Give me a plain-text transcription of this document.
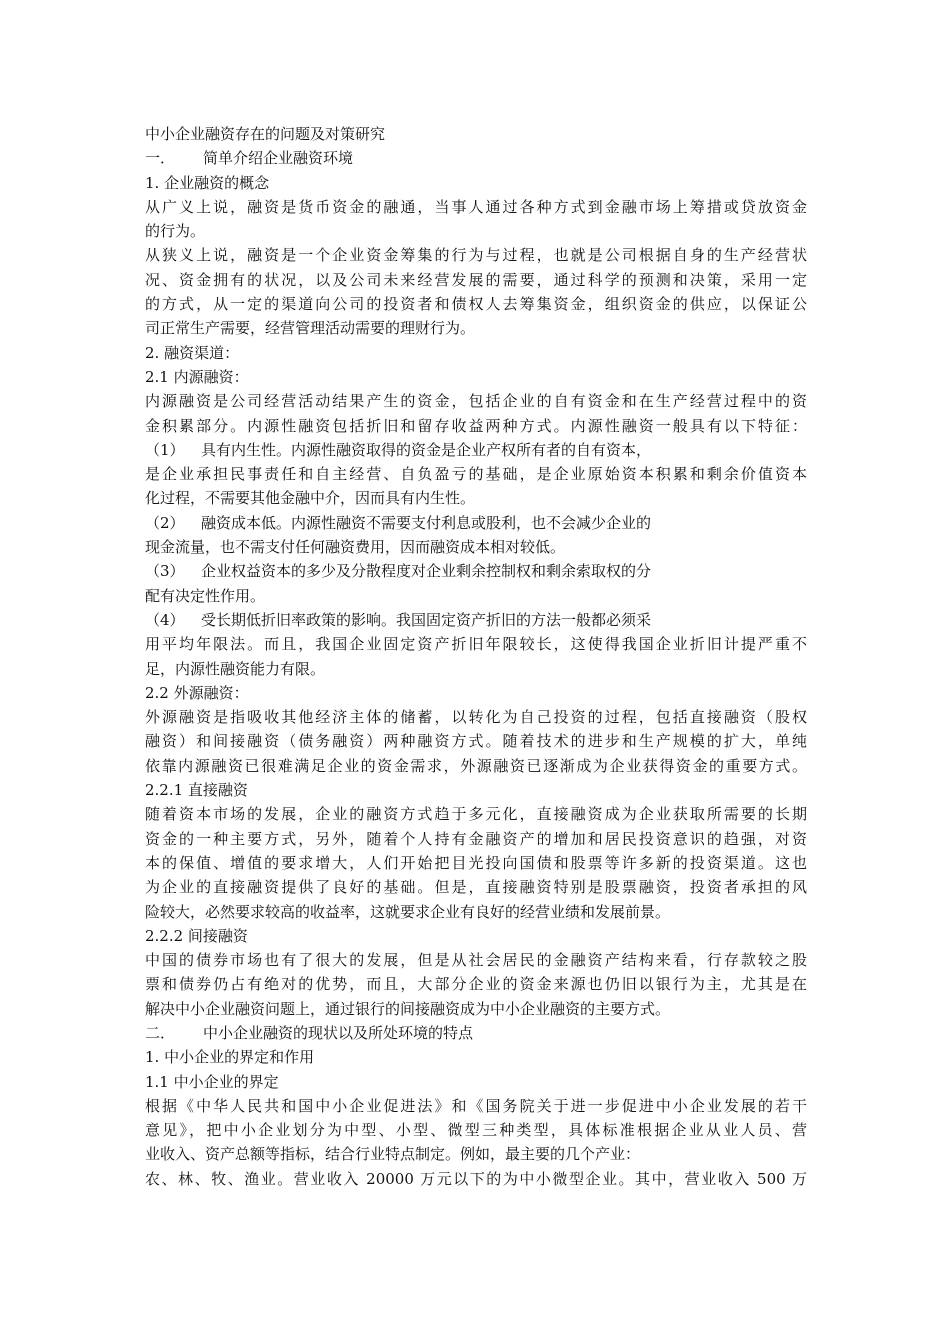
中小企业融资存在的问题及对策研究
一． 简单介绍企业融资环境
1. 企业融资的概念
从广义上说，融资是货币资金的融通，当事人通过各种方式到金融市场上筹措或贷放资金
的行为。
从狭义上说，融资是一个企业资金筹集的行为与过程，也就是公司根据自身的生产经营状
况、资金拥有的状况，以及公司未来经营发展的需要，通过科学的预测和决策，采用一定
的方式，从一定的渠道向公司的投资者和债权人去筹集资金，组织资金的供应，以保证公
司正常生产需要，经营管理活动需要的理财行为。
2. 融资渠道：
2.1 内源融资：
内源融资是公司经营活动结果产生的资金，包括企业的自有资金和在生产经营过程中的资
金积累部分。内源性融资包括折旧和留存收益两种方式。内源性融资一般具有以下特征：
（1） 具有内生性。内源性融资取得的资金是企业产权所有者的自有资本，
是企业承担民事责任和自主经营、自负盈亏的基础，是企业原始资本积累和剩余价值资本
化过程，不需要其他金融中介，因而具有内生性。
（2） 融资成本低。内源性融资不需要支付利息或股利，也不会减少企业的
现金流量，也不需支付任何融资费用，因而融资成本相对较低。
（3） 企业权益资本的多少及分散程度对企业剩余控制权和剩余索取权的分
配有决定性作用。
（4） 受长期低折旧率政策的影响。我国固定资产折旧的方法一般都必须采
用平均年限法。而且，我国企业固定资产折旧年限较长，这使得我国企业折旧计提严重不
足，内源性融资能力有限。
2.2 外源融资：
外源融资是指吸收其他经济主体的储蓄，以转化为自己投资的过程，包括直接融资（股权
融资）和间接融资（债务融资）两种融资方式。随着技术的进步和生产规模的扩大，单纯
依靠内源融资已很难满足企业的资金需求，外源融资已逐渐成为企业获得资金的重要方式。
2.2.1 直接融资
随着资本市场的发展，企业的融资方式趋于多元化，直接融资成为企业获取所需要的长期
资金的一种主要方式，另外，随着个人持有金融资产的增加和居民投资意识的趋强，对资
本的保值、增值的要求增大，人们开始把目光投向国债和股票等许多新的投资渠道。这也
为企业的直接融资提供了良好的基础。但是，直接融资特别是股票融资，投资者承担的风
险较大，必然要求较高的收益率，这就要求企业有良好的经营业绩和发展前景。
2.2.2 间接融资
中国的债券市场也有了很大的发展，但是从社会居民的金融资产结构来看，行存款较之股
票和债券仍占有绝对的优势，而且，大部分企业的资金来源也仍旧以银行为主，尤其是在
解决中小企业融资问题上，通过银行的间接融资成为中小企业融资的主要方式。
二． 中小企业融资的现状以及所处环境的特点
1. 中小企业的界定和作用
1.1 中小企业的界定
根据《中华人民共和国中小企业促进法》和《国务院关于进一步促进中小企业发展的若干
意见》，把中小企业划分为中型、小型、微型三种类型，具体标准根据企业从业人员、营
业收入、资产总额等指标，结合行业特点制定。例如，最主要的几个产业：
农、林、牧、渔业。营业收入 20000 万元以下的为中小微型企业。其中，营业收入 500 万
